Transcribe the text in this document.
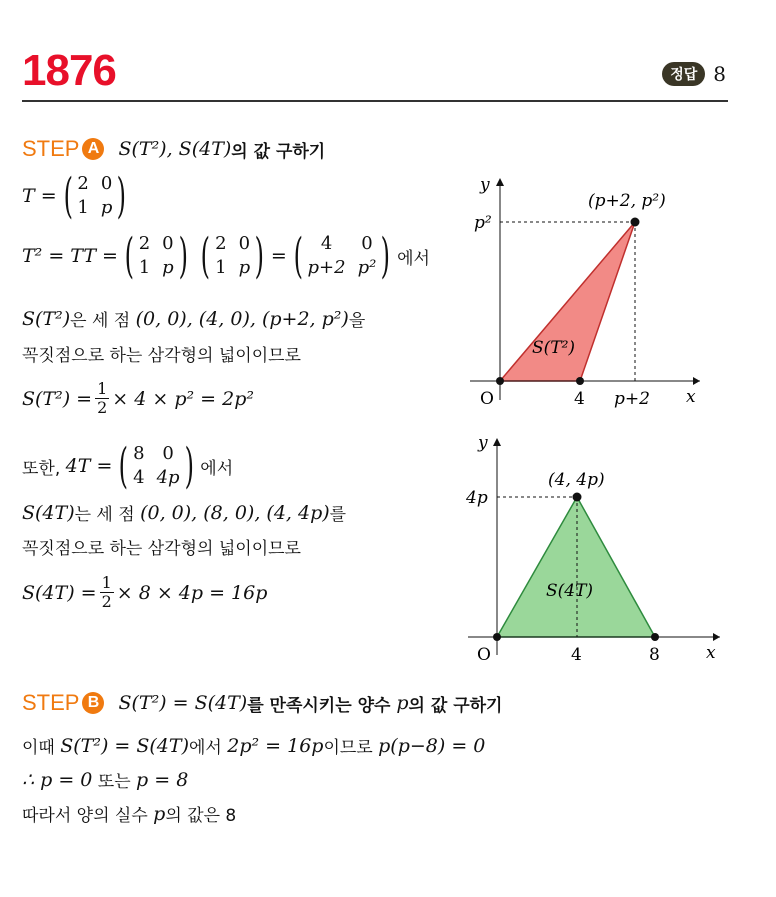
1876	정답 8
STEP A S(T²), S(4T) 의 값 구하기
T = ( 2 0
1 p )
T² = TT = ( 2 0
1 p ) ( 2 0
1 p ) = ( 4	0
p+2 p² ) 에서
S(T²) 은 세 점 (0, 0), (4, 0), (p+2, p²) 을
꼭짓점으로 하는 삼각형의 넓이이므로
$S(T^2) = \frac{1}{2} \times 4 \times p^2 = 2p^2$
또한, 4T = ( 8 0
4 4p ) 에서
S(4T) 는 세 점 (0, 0), (8, 0), (4, 4p) 를
꼭짓점으로 하는 삼각형의 넓이이므로
$S(4T) = \frac{1}{2} \times 8 \times 4p = 16p$
STEP B S(T²) = S(4T) 를 만족시키는 양수 p 의 값 구하기
이때 S(T²) = S(4T) 에서 2p² = 16p 이므로 p(p−8) = 0
∴ p = 0 또는 p = 8
따라서 양의 실수 p 의 값은 8
y
x
O	4 p+2
p²
(p+2, p²)
S(T²)
y
x
O	4	8
4p
(4, 4p)
S(4T)
